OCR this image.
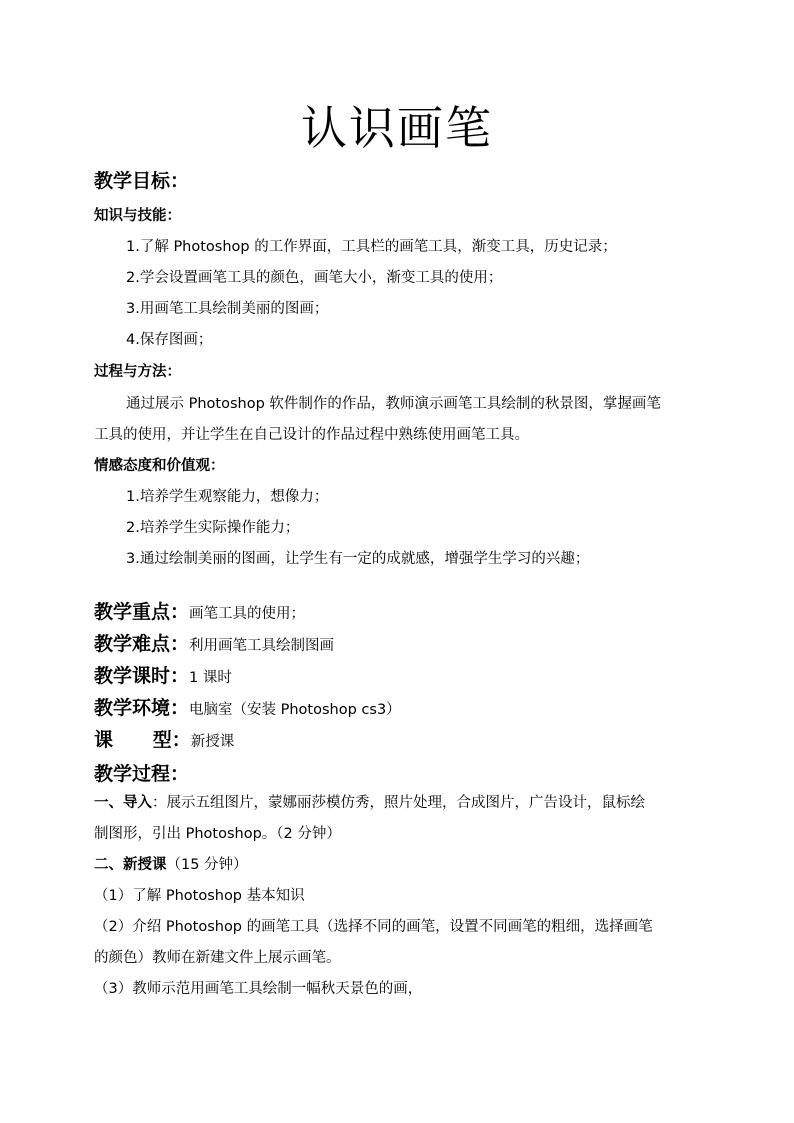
认识画笔
教学目标：
知识与技能：
1.了解 Photoshop 的工作界面，工具栏的画笔工具，渐变工具，历史记录；
2.学会设置画笔工具的颜色，画笔大小，渐变工具的使用；
3.用画笔工具绘制美丽的图画；
4.保存图画；
过程与方法：
通过展示 Photoshop 软件制作的作品，教师演示画笔工具绘制的秋景图，掌握画笔
工具的使用，并让学生在自己设计的作品过程中熟练使用画笔工具。
情感态度和价值观：
1.培养学生观察能力，想像力；
2.培养学生实际操作能力；
3.通过绘制美丽的图画，让学生有一定的成就感，增强学生学习的兴趣；
教学重点：画笔工具的使用；
教学难点：利用画笔工具绘制图画
教学课时：1 课时
教学环境：电脑室（安装 Photoshop cs3）
课      型：新授课
教学过程：
一、导入：展示五组图片，蒙娜丽莎模仿秀，照片处理，合成图片，广告设计，鼠标绘
制图形，引出 Photoshop。（2 分钟）
二、新授课（15 分钟）
（1）了解 Photoshop 基本知识
（2）介绍 Photoshop 的画笔工具（选择不同的画笔，设置不同画笔的粗细，选择画笔
的颜色）教师在新建文件上展示画笔。
（3）教师示范用画笔工具绘制一幅秋天景色的画，
